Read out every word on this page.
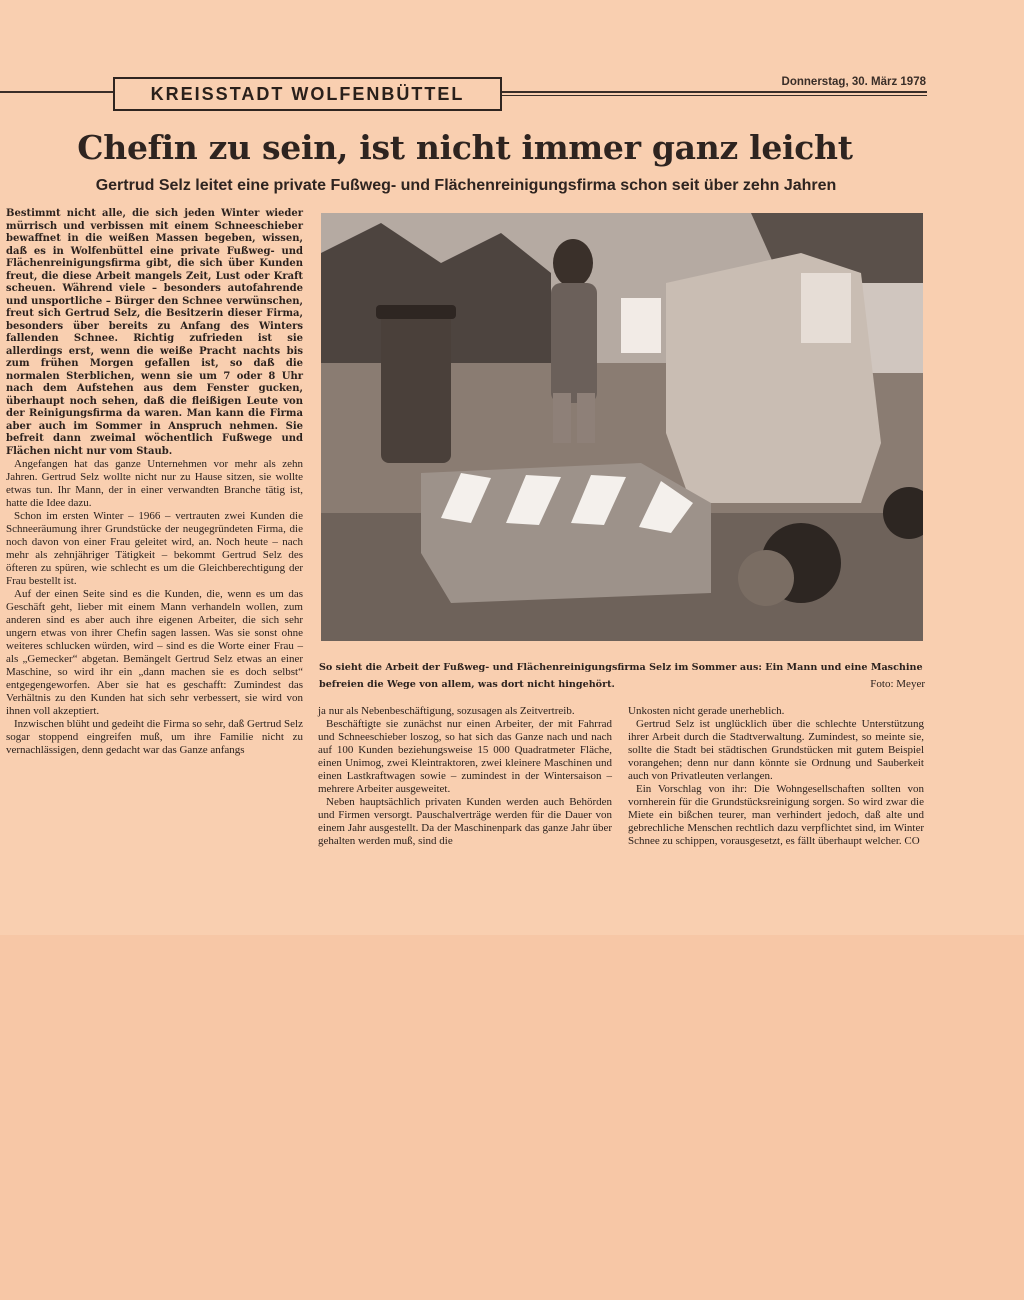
KREISSTADT WOLFENBÜTTEL
Donnerstag, 30. März 1978
Chefin zu sein, ist nicht immer ganz leicht
Gertrud Selz leitet eine private Fußweg- und Flächenreinigungsfirma schon seit über zehn Jahren

Bestimmt nicht alle, die sich jeden Winter wieder mürrisch und verbissen mit einem Schneeschieber bewaffnet in die weißen Massen begeben, wissen, daß es in Wolfenbüttel eine private Fußweg- und Flächenreinigungsfirma gibt, die sich über Kunden freut, die diese Arbeit mangels Zeit, Lust oder Kraft scheuen. Während viele – besonders autofahrende und unsportliche – Bürger den Schnee verwünschen, freut sich Gertrud Selz, die Besitzerin dieser Firma, besonders über bereits zu Anfang des Winters fallenden Schnee. Richtig zufrieden ist sie allerdings erst, wenn die weiße Pracht nachts bis zum frühen Morgen gefallen ist, so daß die normalen Sterblichen, wenn sie um 7 oder 8 Uhr nach dem Aufstehen aus dem Fenster gucken, überhaupt noch sehen, daß die fleißigen Leute von der Reinigungsfirma da waren. Man kann die Firma aber auch im Sommer in Anspruch nehmen. Sie befreit dann zweimal wöchentlich Fußwege und Flächen nicht nur vom Staub.

Angefangen hat das ganze Unternehmen vor mehr als zehn Jahren. Gertrud Selz wollte nicht nur zu Hause sitzen, sie wollte etwas tun. Ihr Mann, der in einer verwandten Branche tätig ist, hatte die Idee dazu.

Schon im ersten Winter – 1966 – vertrauten zwei Kunden die Schneeräumung ihrer Grundstücke der neugegründeten Firma, die noch davon von einer Frau geleitet wird, an. Noch heute – nach mehr als zehnjähriger Tätigkeit – bekommt Gertrud Selz des öfteren zu spüren, wie schlecht es um die Gleichberechtigung der Frau bestellt ist.

Auf der einen Seite sind es die Kunden, die, wenn es um das Geschäft geht, lieber mit einem Mann verhandeln wollen, zum anderen sind es aber auch ihre eigenen Arbeiter, die sich sehr ungern etwas von ihrer Chefin sagen lassen. Was sie sonst ohne weiteres schlucken würden, wird – sind es die Worte einer Frau – als „Gemecker“ abgetan. Bemängelt Gertrud Selz etwas an einer Maschine, so wird ihr ein „dann machen sie es doch selbst“ entgegengeworfen. Aber sie hat es geschafft: Zumindest das Verhältnis zu den Kunden hat sich sehr verbessert, sie wird von ihnen voll akzeptiert.

Inzwischen blüht und gedeiht die Firma so sehr, daß Gertrud Selz sogar stoppend eingreifen muß, um ihre Familie nicht zu vernachlässigen, denn gedacht war das Ganze anfangs

So sieht die Arbeit der Fußweg- und Flächenreinigungsfirma Selz im Sommer aus: Ein Mann und eine Maschine befreien die Wege von allem, was dort nicht hingehört.	Foto: Meyer

ja nur als Nebenbeschäftigung, sozusagen als Zeitvertreib.

Beschäftigte sie zunächst nur einen Arbeiter, der mit Fahrrad und Schneeschieber loszog, so hat sich das Ganze nach und nach auf 100 Kunden beziehungsweise 15 000 Quadratmeter Fläche, einen Unimog, zwei Kleintraktoren, zwei kleinere Maschinen und einen Lastkraftwagen sowie – zumindest in der Wintersaison – mehrere Arbeiter ausgeweitet.

Neben hauptsächlich privaten Kunden werden auch Behörden und Firmen versorgt. Pauschalverträge werden für die Dauer von einem Jahr ausgestellt. Da der Maschinenpark das ganze Jahr über gehalten werden muß, sind die

Unkosten nicht gerade unerheblich.

Gertrud Selz ist unglücklich über die schlechte Unterstützung ihrer Arbeit durch die Stadtverwaltung. Zumindest, so meinte sie, sollte die Stadt bei städtischen Grundstücken mit gutem Beispiel vorangehen; denn nur dann könnte sie Ordnung und Sauberkeit auch von Privatleuten verlangen.

Ein Vorschlag von ihr: Die Wohngesellschaften sollten von vornherein für die Grundstücksreinigung sorgen. So wird zwar die Miete ein bißchen teurer, man verhindert jedoch, daß alte und gebrechliche Menschen rechtlich dazu verpflichtet sind, im Winter Schnee zu schippen, vorausgesetzt, es fällt überhaupt welcher. CO
